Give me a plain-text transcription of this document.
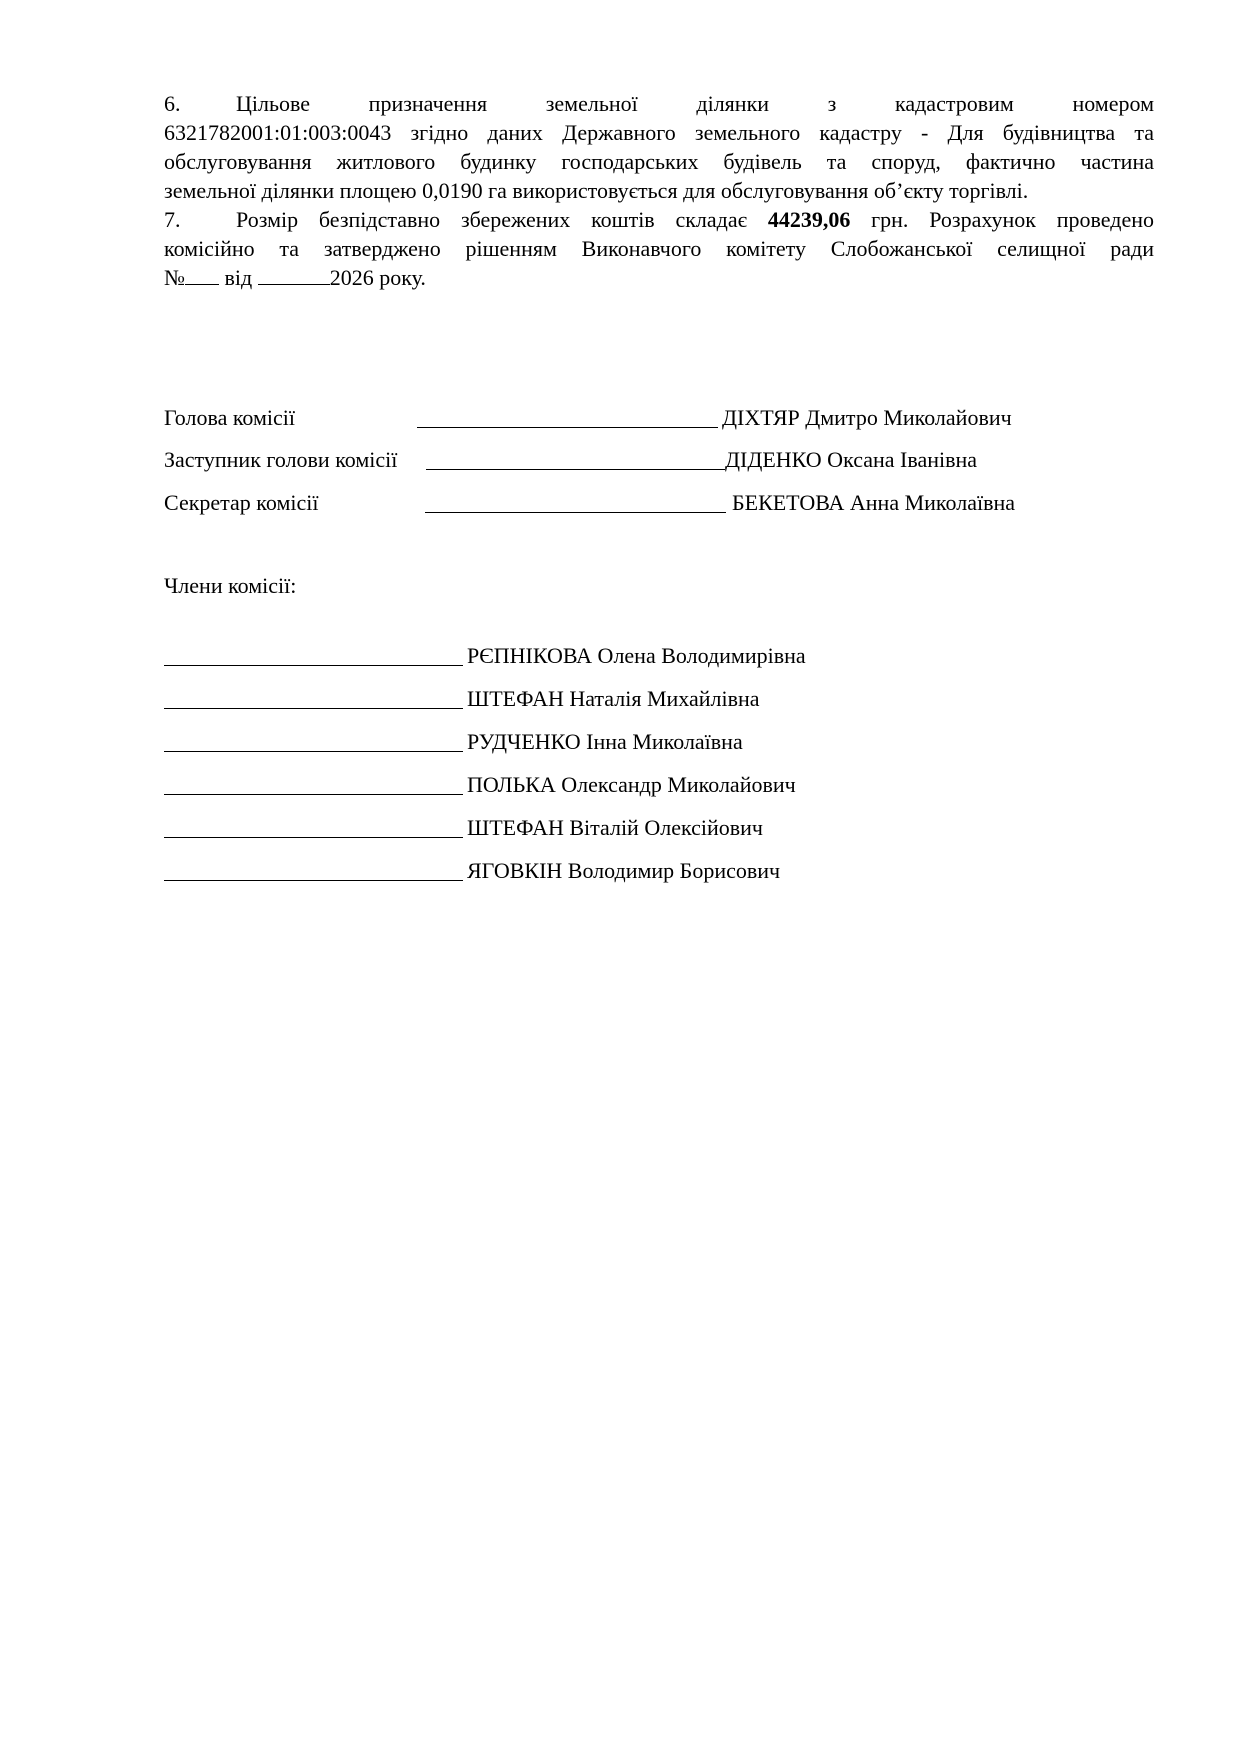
6.	Цільове призначення земельної ділянки з кадастровим номером
6321782001:01:003:0043 згідно даних Державного земельного кадастру - Для будівництва та
обслуговування житлового будинку господарських будівель та споруд, фактично частина
земельної ділянки площею 0,0190 га використовується для обслуговування об’єкту торгівлі.
7.	Розмір безпідставно збережених коштів складає 44239,06 грн. Розрахунок проведено
комісійно та затверджено рішенням Виконавчого комітету Слобожанської селищної ради
№ від	2026 року.
Голова комісії	ДІХТЯР Дмитро Миколайович
Заступник голови комісії	ДІДЕНКО Оксана Іванівна
Секретар комісії	БЕКЕТОВА Анна Миколаївна
Члени комісії:
РЄПНІКОВА Олена Володимирівна
ШТЕФАН Наталія Михайлівна
РУДЧЕНКО Інна Миколаївна
ПОЛЬКА Олександр Миколайович
ШТЕФАН Віталій Олексійович
ЯГОВКІН Володимир Борисович
